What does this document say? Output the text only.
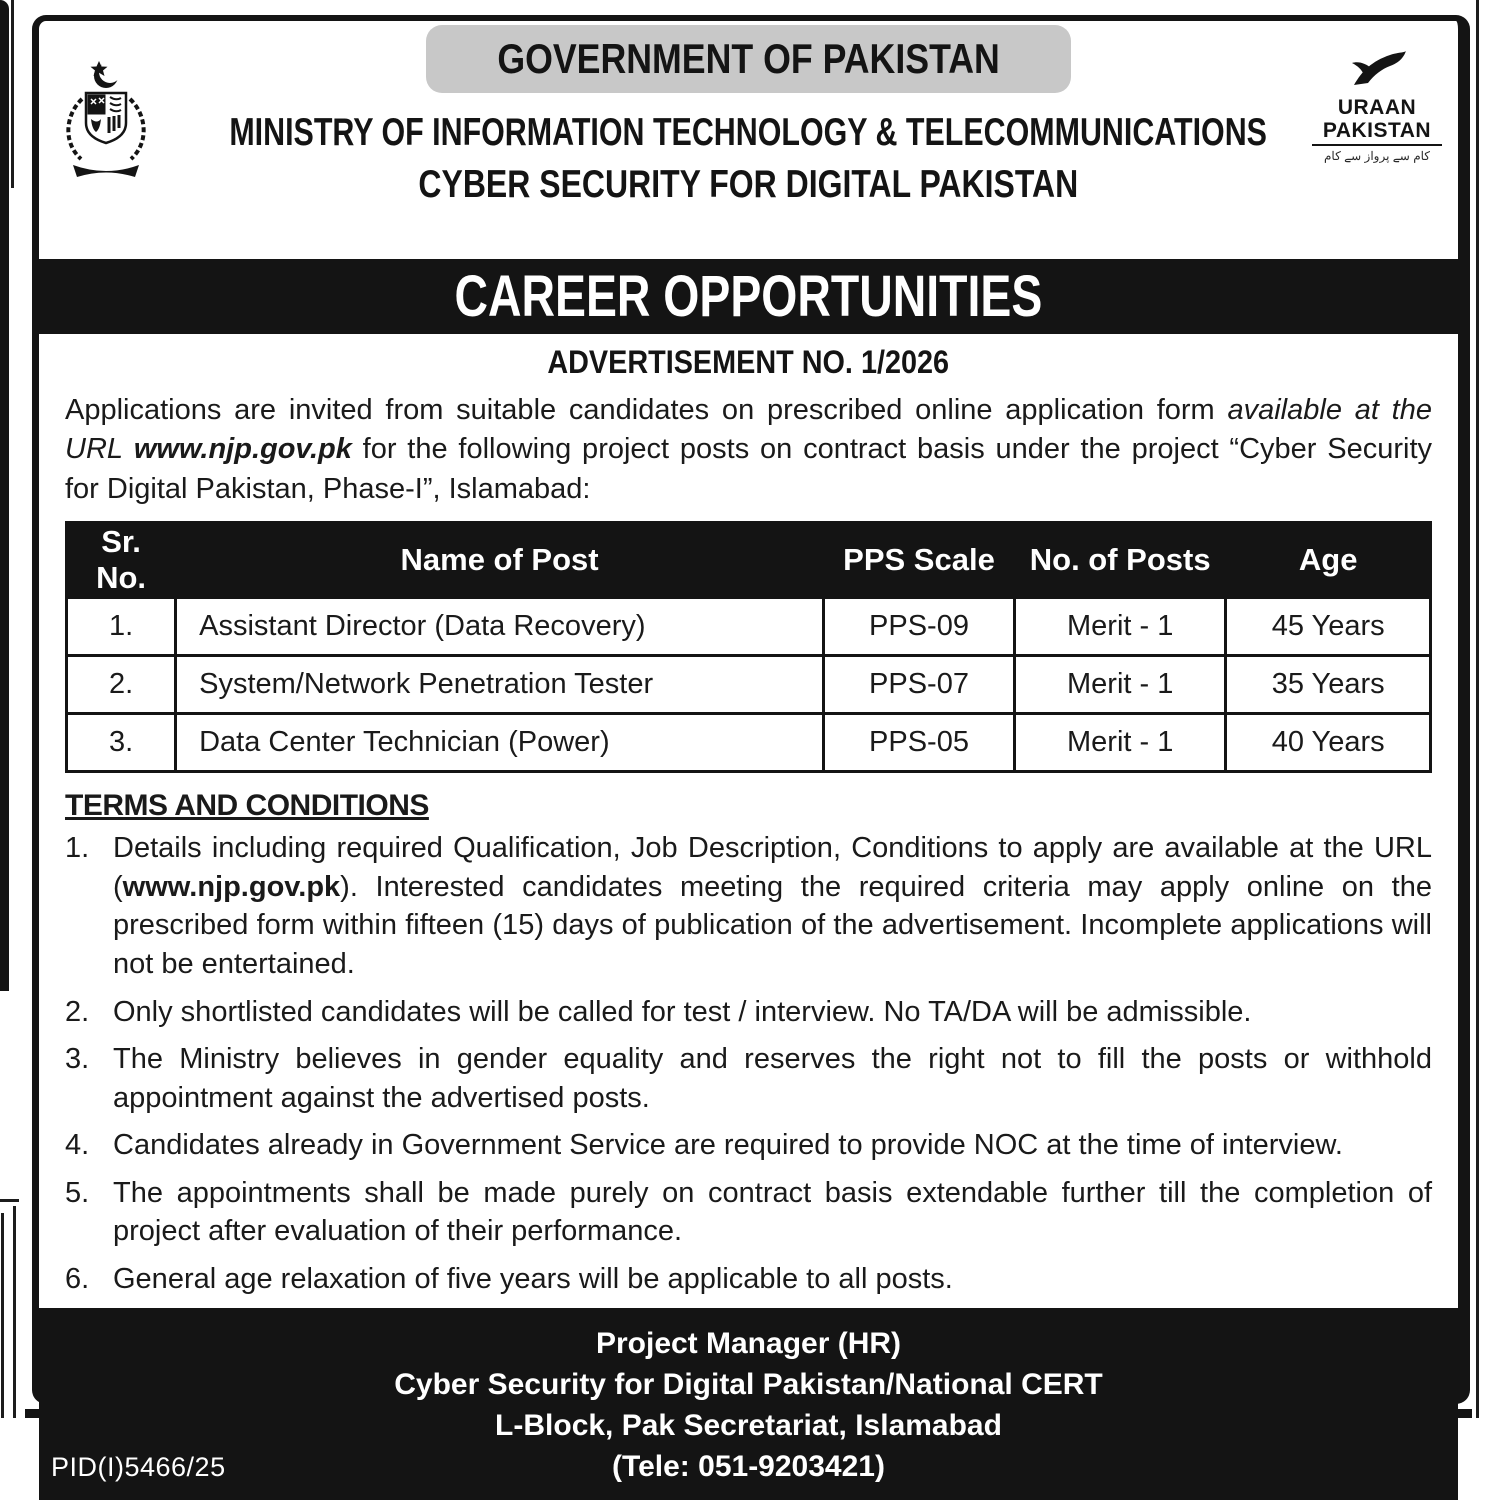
URAAN
PAKISTAN
کام سے پرواز سے کام
GOVERNMENT OF PAKISTAN
MINISTRY OF INFORMATION TECHNOLOGY & TELECOMMUNICATIONS
CYBER SECURITY FOR DIGITAL PAKISTAN
CAREER OPPORTUNITIES
ADVERTISEMENT NO. 1/2026
Applications are invited from suitable candidates on prescribed online application form available at the URL www.njp.gov.pk for the following project posts on contract basis under the project “Cyber Security for Digital Pakistan, Phase-I”, Islamabad:
Sr. No.	Name of Post	PPS Scale	No. of Posts	Age
1.	Assistant Director (Data Recovery)	PPS-09	Merit - 1	45 Years
2.	System/Network Penetration Tester	PPS-07	Merit - 1	35 Years
3.	Data Center Technician (Power)	PPS-05	Merit - 1	40 Years
TERMS AND CONDITIONS
1. Details including required Qualification, Job Description, Conditions to apply are available at the URL (www.njp.gov.pk). Interested candidates meeting the required criteria may apply online on the prescribed form within fifteen (15) days of publication of the advertisement. Incomplete applications will not be entertained.
2. Only shortlisted candidates will be called for test / interview. No TA/DA will be admissible.
3. The Ministry believes in gender equality and reserves the right not to fill the posts or withhold appointment against the advertised posts.
4. Candidates already in Government Service are required to provide NOC at the time of interview.
5. The appointments shall be made purely on contract basis extendable further till the completion of project after evaluation of their performance.
6. General age relaxation of five years will be applicable to all posts.
Project Manager (HR)
Cyber Security for Digital Pakistan/National CERT
L-Block, Pak Secretariat, Islamabad
(Tele: 051-9203421)
PID(I)5466/25
